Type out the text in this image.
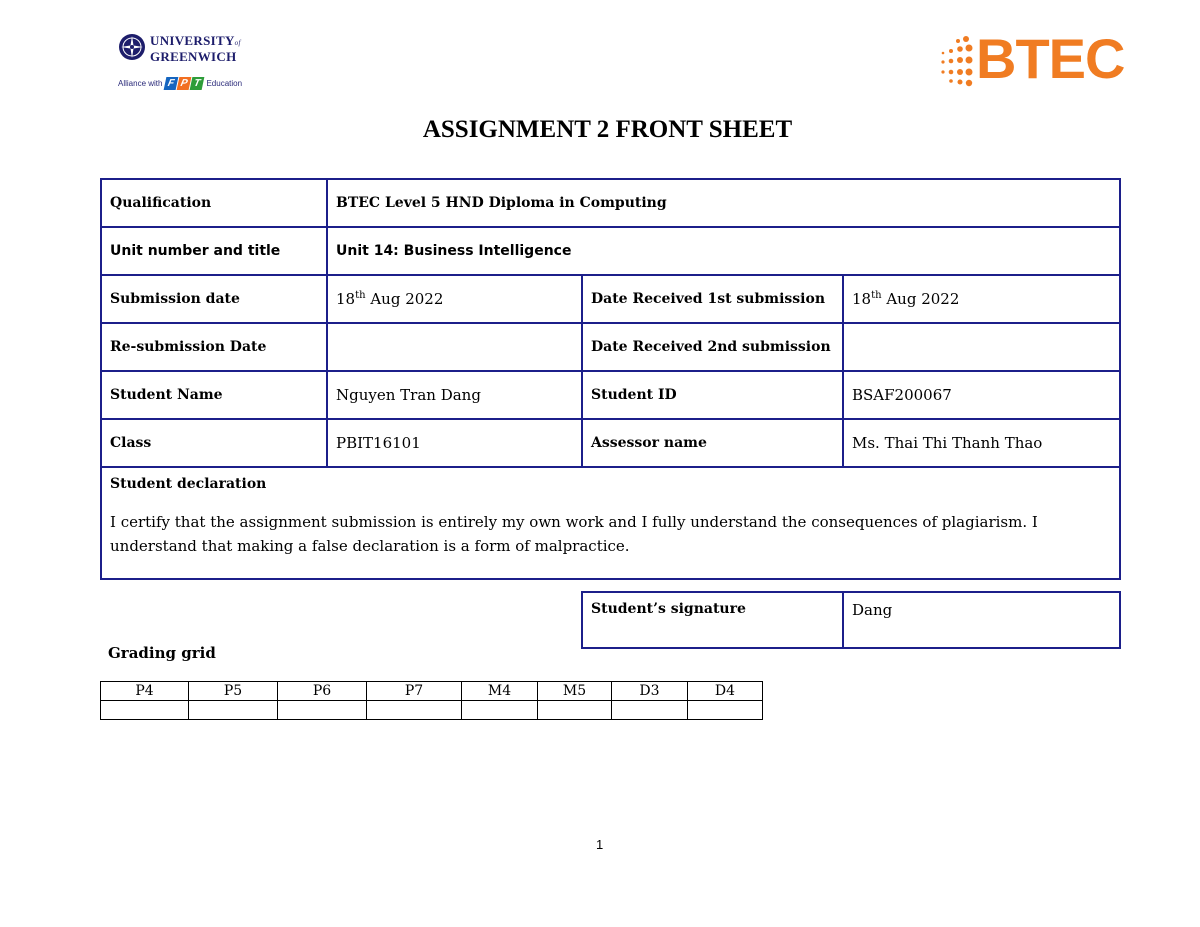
UNIVERSITYof
GREENWICH
Alliance with F P T Education	BTEC
ASSIGNMENT 2 FRONT SHEET
Qualification	BTEC Level 5 HND Diploma in Computing		
Unit number and title	Unit 14: Business Intelligence		
Submission date	18th Aug 2022	Date Received 1st submission	18th Aug 2022
Re-submission Date		Date Received 2nd submission	
Student Name	Nguyen Tran Dang	Student ID	BSAF200067
Class	PBIT16101	Assessor name	Ms. Thai Thi Thanh Thao

Student declaration
I certify that the assignment submission is entirely my own work and I fully understand the consequences of plagiarism. I understand that making a false declaration is a form of malpractice.			
Student’s signature	Dang
Grading grid
P4	P5	P6	P7	M4	M5	D3	D4

1
